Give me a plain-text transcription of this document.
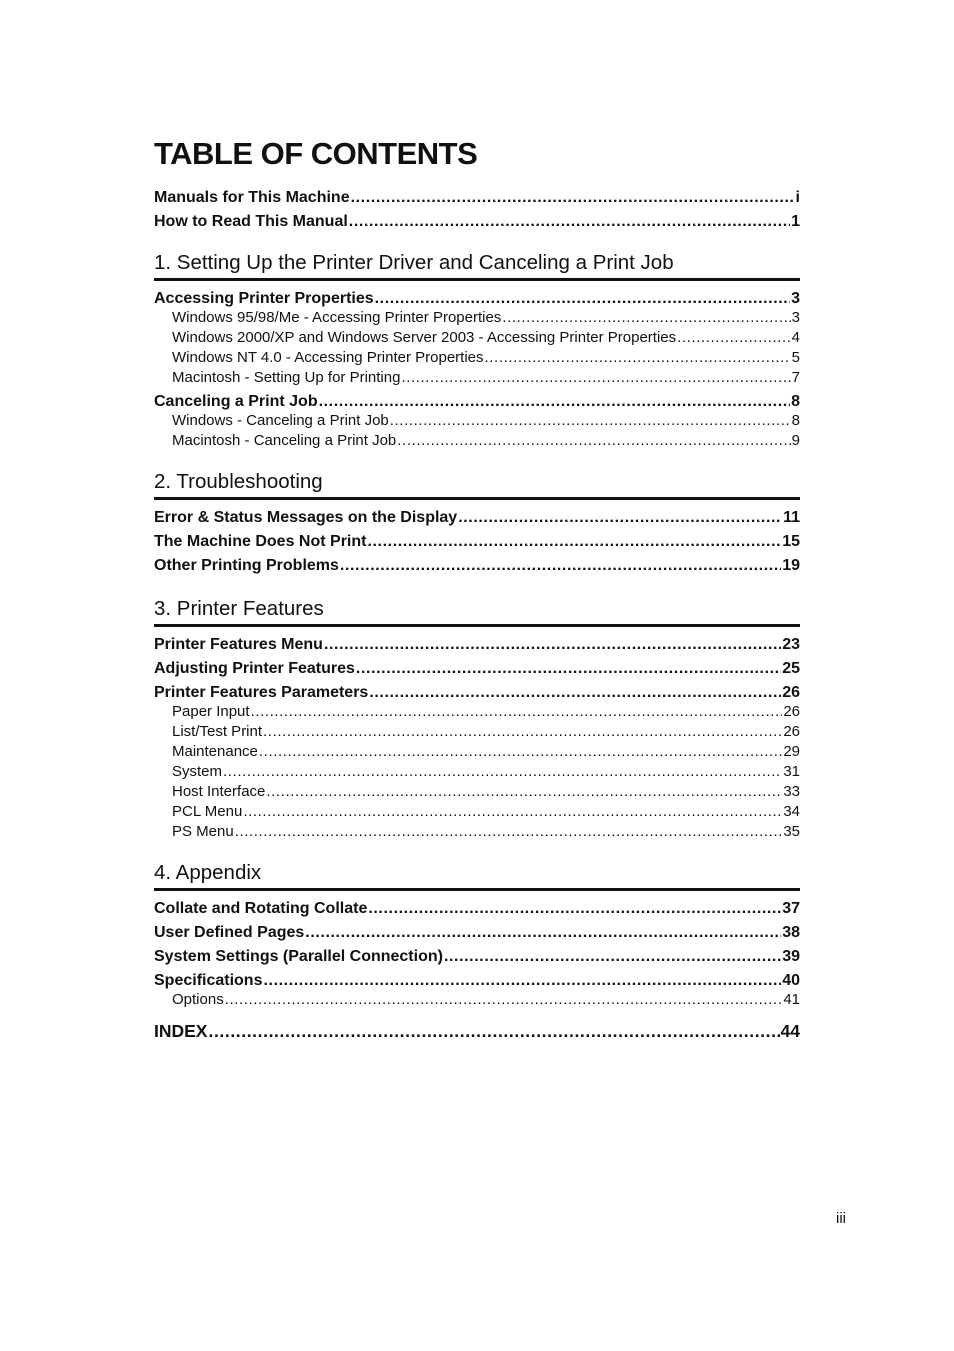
TABLE OF CONTENTS
Manuals for This Machine .....	i
How to Read This Manual .....	1
1. Setting Up the Printer Driver and Canceling a Print Job
Accessing Printer Properties .....	3
Windows 95/98/Me - Accessing Printer Properties .....	3
Windows 2000/XP and Windows Server 2003 - Accessing Printer Properties .....	4
Windows NT 4.0 - Accessing Printer Properties .....	5
Macintosh - Setting Up for Printing .....	7
Canceling a Print Job .....	8
Windows - Canceling a Print Job .....	8
Macintosh - Canceling a Print Job .....	9
2. Troubleshooting
Error & Status Messages on the Display .....	11
The Machine Does Not Print .....	15
Other Printing Problems .....	19
3. Printer Features
Printer Features Menu .....	23
Adjusting Printer Features .....	25
Printer Features Parameters .....	26
Paper Input .....	26
List/Test Print .....	26
Maintenance .....	29
System .....	31
Host Interface .....	33
PCL Menu .....	34
PS Menu .....	35
4. Appendix
Collate and Rotating Collate .....	37
User Defined Pages .....	38
System Settings (Parallel Connection) .....	39
Specifications .....	40
Options .....	41
INDEX .....	44
iii
